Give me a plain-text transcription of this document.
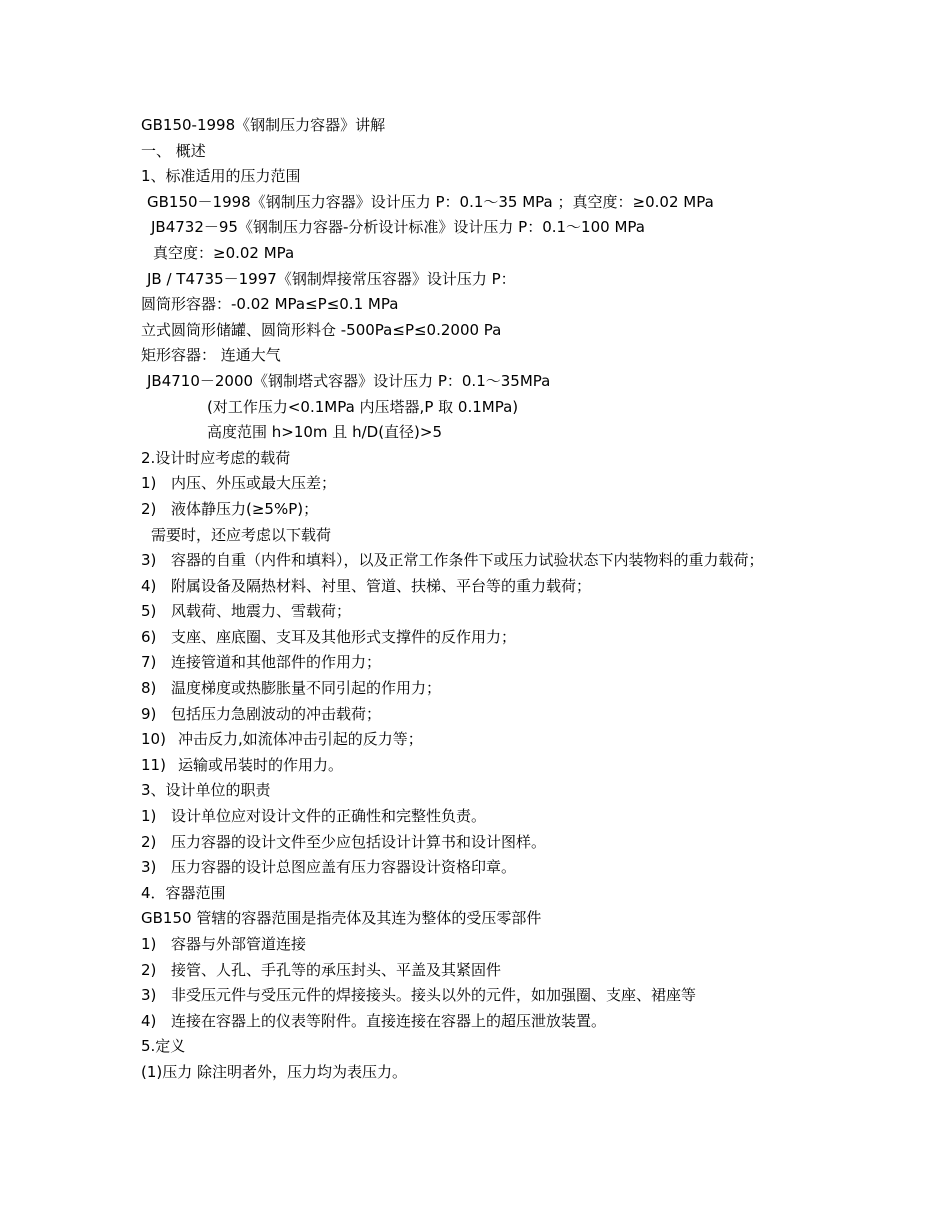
GB150-1998《钢制压力容器》讲解
一、 概述
1、标准适用的压力范围
GB150－1998《钢制压力容器》设计压力 P：0.1～35 MPa ；真空度：≥0.02 MPa
JB4732－95《钢制压力容器-分析设计标准》设计压力 P：0.1～100 MPa
真空度：≥0.02 MPa
JB / T4735－1997《钢制焊接常压容器》设计压力 P：
圆筒形容器：-0.02 MPa≤P≤0.1 MPa
立式圆筒形储罐、圆筒形料仓 -500Pa≤P≤0.2000 Pa
矩形容器： 连通大气
JB4710－2000《钢制塔式容器》设计压力 P：0.1～35MPa
(对工作压力<0.1MPa 内压塔器,P 取 0.1MPa)
高度范围 h>10m 且 h/D(直径)>5
2.设计时应考虑的载荷
1) 内压、外压或最大压差；
2) 液体静压力(≥5%P)；
需要时，还应考虑以下载荷
3) 容器的自重（内件和填料），以及正常工作条件下或压力试验状态下内装物料的重力载荷；
4) 附属设备及隔热材料、衬里、管道、扶梯、平台等的重力载荷；
5) 风载荷、地震力、雪载荷；
6) 支座、座底圈、支耳及其他形式支撑件的反作用力；
7) 连接管道和其他部件的作用力；
8) 温度梯度或热膨胀量不同引起的作用力；
9) 包括压力急剧波动的冲击载荷；
10) 冲击反力,如流体冲击引起的反力等；
11) 运输或吊装时的作用力。
3、设计单位的职责
1) 设计单位应对设计文件的正确性和完整性负责。
2) 压力容器的设计文件至少应包括设计计算书和设计图样。
3) 压力容器的设计总图应盖有压力容器设计资格印章。
4．容器范围
GB150 管辖的容器范围是指壳体及其连为整体的受压零部件
1) 容器与外部管道连接
2) 接管、人孔、手孔等的承压封头、平盖及其紧固件
3) 非受压元件与受压元件的焊接接头。接头以外的元件，如加强圈、支座、裙座等
4) 连接在容器上的仪表等附件。直接连接在容器上的超压泄放装置。
5.定义
(1)压力 除注明者外，压力均为表压力。
